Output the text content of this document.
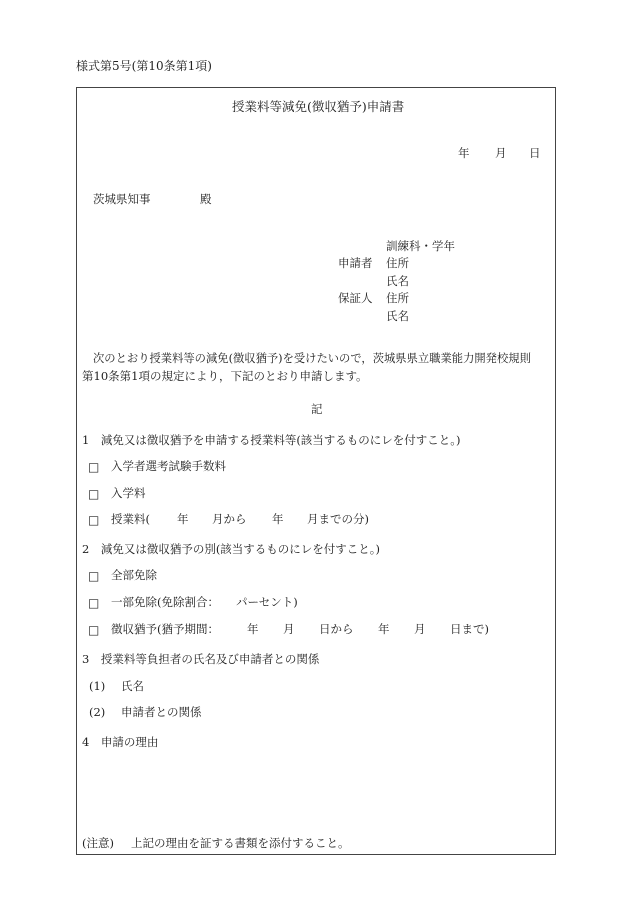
様式第5号(第10条第1項)
授業料等減免(徴収猶予)申請書
年 月 日
茨城県知事	殿
訓練科・学年
申請者 住所
氏名
保証人 住所
氏名
次のとおり授業料等の減免(徴収猶予)を受けたいので，茨城県県立職業能力開発校規則
第10条第1項の規定により，下記のとおり申請します。
記
1　減免又は徴収猶予を申請する授業料等(該当するものにレを付すこと。)
□ 入学者選考試験手数料
□ 入学料
□ 授業料( 年 月から 年 月までの分)
2　減免又は徴収猶予の別(該当するものにレを付すこと。)
□ 全部免除
□ 一部免除(免除割合： パーセント)
□ 徴収猶予(猶予期間： 年 月 日から 年 月 日まで)
3　授業料等負担者の氏名及び申請者との関係
(1) 氏名
(2) 申請者との関係
4　申請の理由
(注意) 上記の理由を証する書類を添付すること。
